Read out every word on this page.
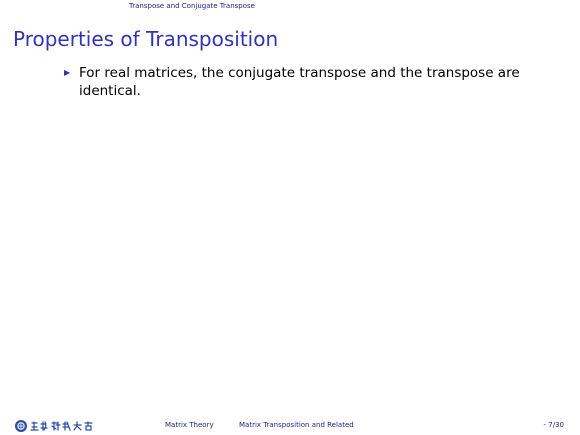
Transpose and Conjugate Transpose
Properties of Transposition
▶ For real matrices, the conjugate transpose and the transpose are identical.
Matrix Theory	Matrix Transposition and Related	- 7/30
